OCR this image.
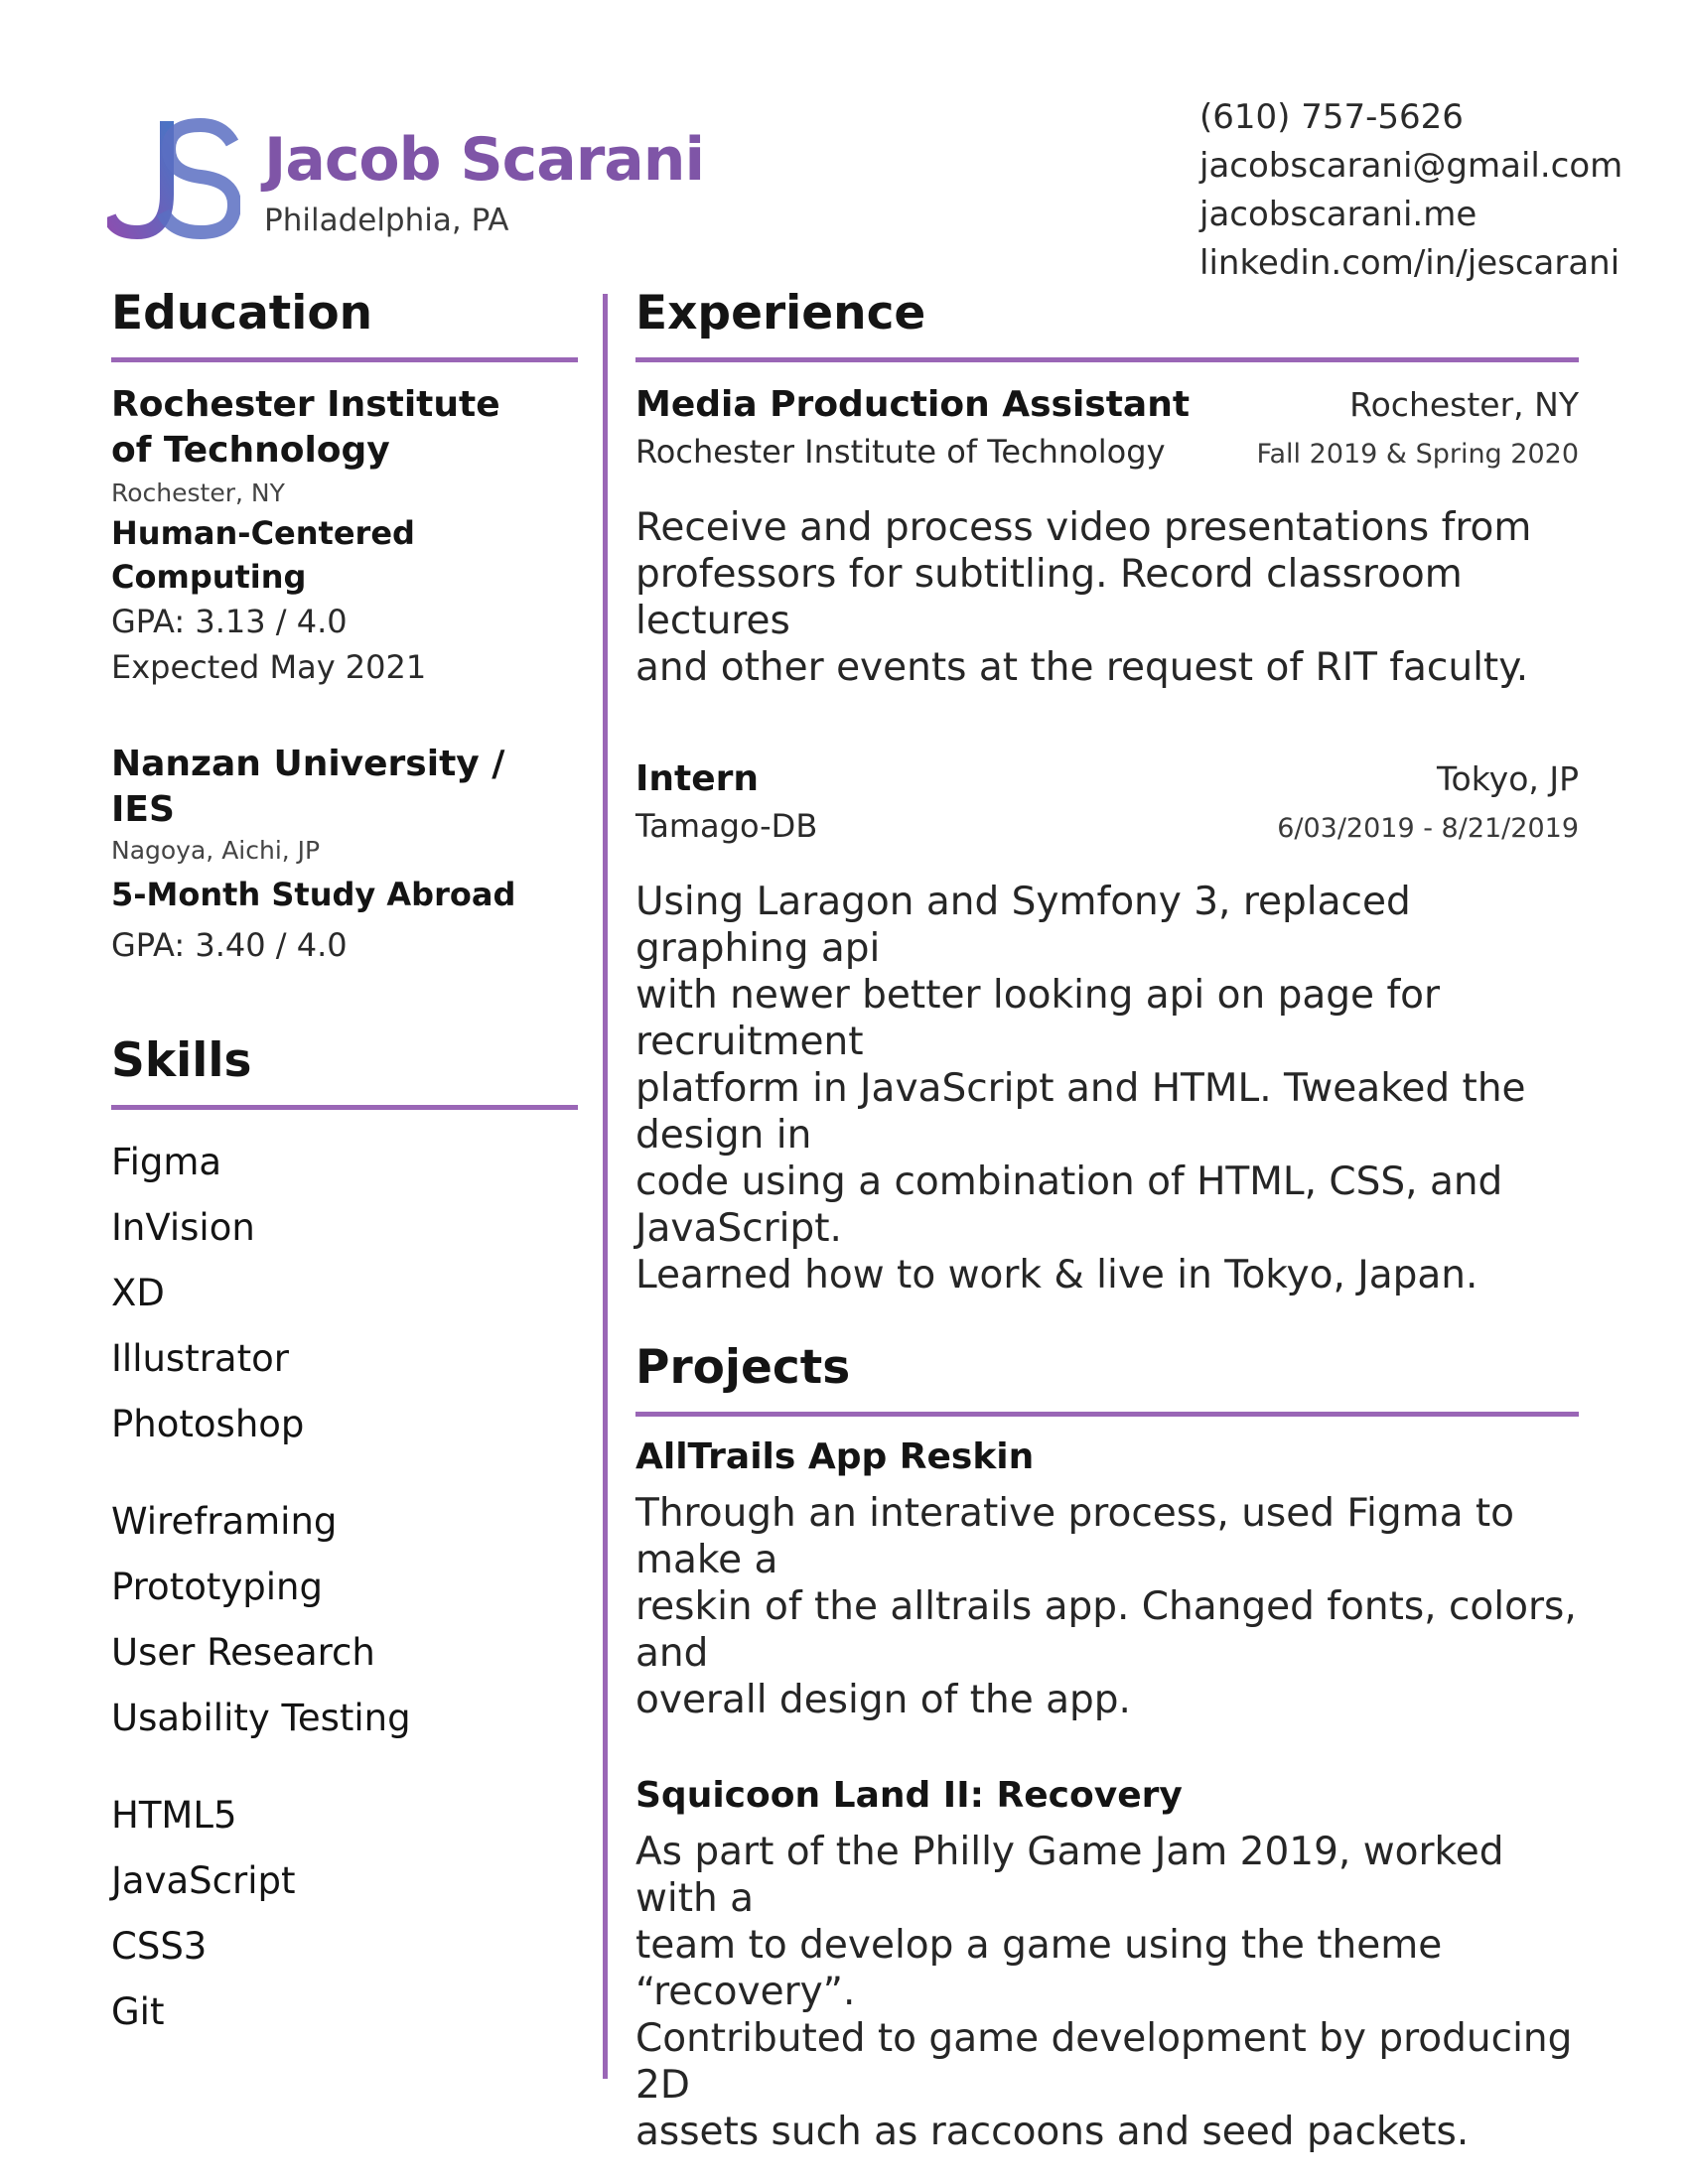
Jacob Scarani
Philadelphia, PA
(610) 757-5626
jacobscarani@gmail.com
jacobscarani.me
linkedin.com/in/jescarani
Education
Rochester Institute
of Technology
Rochester, NY
Human-Centered Computing
GPA: 3.13 / 4.0
Expected May 2021
Nanzan University / IES
Nagoya, Aichi, JP
5-Month Study Abroad
GPA: 3.40 / 4.0
Skills
Figma
InVision
XD
Illustrator
Photoshop
Wireframing
Prototyping
User Research
Usability Testing
HTML5
JavaScript
CSS3
Git
Experience
Media Production Assistant	Rochester, NY
Rochester Institute of Technology	Fall 2019 & Spring 2020
Receive and process video presentations from
professors for subtitling. Record classroom lectures
and other events at the request of RIT faculty.
Intern	Tokyo, JP
Tamago-DB	6/03/2019 - 8/21/2019
Using Laragon and Symfony 3, replaced graphing api
with newer better looking api on page for recruitment
platform in JavaScript and HTML. Tweaked the design in
code using a combination of HTML, CSS, and JavaScript.
Learned how to work & live in Tokyo, Japan.
Projects
AllTrails App Reskin
Through an interative process, used Figma to make a
reskin of the alltrails app. Changed fonts, colors, and
overall design of the app.
Squicoon Land II: Recovery
As part of the Philly Game Jam 2019, worked with a
team to develop a game using the theme “recovery”.
Contributed to game development by producing 2D
assets such as raccoons and seed packets.
